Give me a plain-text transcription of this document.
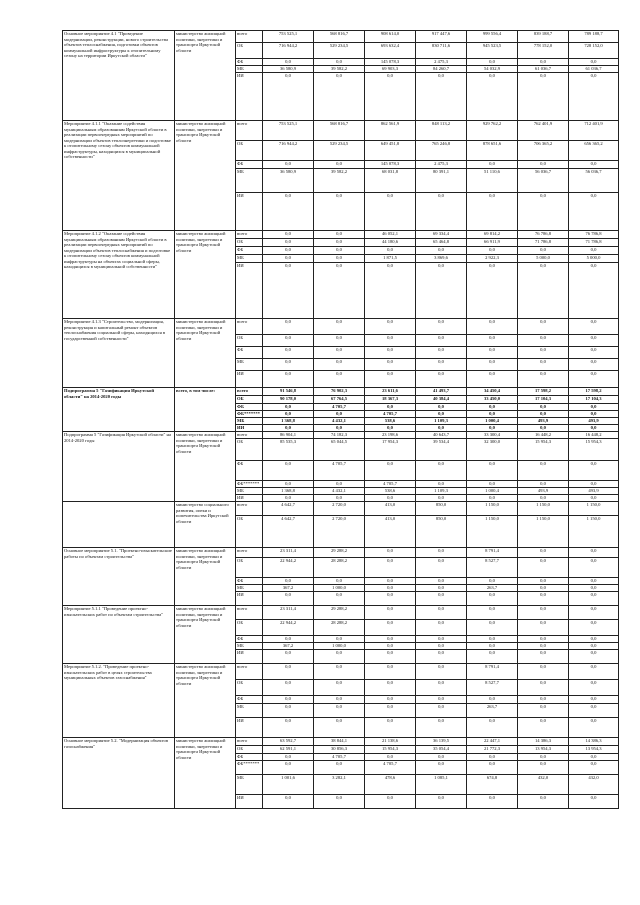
Основное мероприятие 4.1 "Проведение модернизации, реконструкции, нового строительства объектов теплоснабжения, подготовки объектов коммунальной инфраструктуры к отопительному сезону на территории Иркутской области"	министерство жилищной политики, энергетики и транспорта Иркутской области	всего	753 525,1	568 816,7	908 614,0	917 447,6	999 556,4	839 188,7	789 188,7
		ОБ	716 944,2	529 234,5	693 632,4	830 711,6	945 523,5	778 152,0	728 152,0
		ФБ	0,0	0,0	145 078,3	2 475,3	0,0	0,0	0,0
		МБ	36 580,9	39 582,2	69 903,3	84 260,7	54 032,9	61 036,7	61 036,7
		ИИ	0,0	0,0	0,0	0,0	0,0	0,0	0,0
Мероприятие 4.1.1 "Оказание содействия муниципальным образованиям Иркутской области в реализации первоочередных мероприятий по модернизации объектов теплоэнергетики и подготовке к отопительному сезону объектов коммунальной инфраструктуры, находящихся в муниципальной собственности"	министерство жилищной политики, энергетики и транспорта Иркутской области	всего	753 525,1	568 816,7	862 561,9	848 113,2	929 762,2	762 401,9	712 401,9
		ОБ	716 944,2	529 234,5	649 451,8	765 246,8	878 651,6	706 365,2	656 365,2
		ФБ	0,0	0,0	145 078,3	2 475,3	0,0	0,0	0,0
		МБ	36 580,9	39 582,2	68 031,8	80 391,1	51 110,6	56 036,7	56 036,7
		ИИ	0,0	0,0	0,0	0,0	0,0	0,0	0,0
Мероприятие 4.1.2 "Оказание содействия муниципальным образованиям Иркутской области в реализации первоочередных мероприятий по модернизации объектов теплоснабжения и подготовке к отопительному сезону объектов коммунальной инфраструктуры на объектах социальной сферы, находящихся в муниципальной собственности"	министерство жилищной политики, энергетики и транспорта Иркутской области	всего	0,0	0,0	46 052,1	69 334,4	69 814,2	76 786,8	76 786,8
		ОБ	0,0	0,0	44 180,6	65 464,8	66 911,9	71 786,8	71 786,8
		ФБ	0,0	0,0	0,0	0,0	0,0	0,0	0,0
		МБ	0,0	0,0	1 871,5	3 869,6	2 922,3	5 000,0	5 000,0
		ИИ	0,0	0,0	0,0	0,0	0,0	0,0	0,0
Мероприятие 4.1.3 "Строительство, модернизация, реконструкция и капитальный ремонт объектов теплоснабжения социальной сферы, находящихся в государственной собственности"	министерство жилищной политики, энергетики и транспорта Иркутской области	всего	0,0	0,0	0,0	0,0	0,0	0,0	0,0
		ОБ	0,0	0,0	0,0	0,0	0,0	0,0	0,0
		ФБ	0,0	0,0	0,0	0,0	0,0	0,0	0,0
		МБ	0,0	0,0	0,0	0,0	0,0	0,0	0,0
		ИИ	0,0	0,0	0,0	0,0	0,0	0,0	0,0
Подпрограмма 5 "Газификация Иркутской области" на 2014-2020 годы	всего, в том числе:	всего	91 546,8	76 902,3	23 611,6	41 493,7	34 450,4	17 598,2	17 598,2
		ОБ	90 178,0	67 764,5	18 367,3	40 384,4	33 450,0	17 104,3	17 104,3
		ФБ	0,0	4 705,7	0,0	0,0	0,0	0,0	0,0
		ФБ*******	0,0	0,0	4 705,7	0,0	0,0	0,0	0,0
		МБ	1 368,8	4 432,1	538,6	1 109,3	1 000,4	493,9	493,9
		ИИ	0,0	0,0	0,0	0,0	0,0	0,0	0,0
Подпрограмма 5 "Газификация Иркутской области" на 2014-2020 годы	министерство жилищной политики, энергетики и транспорта Иркутской области	всего	86 904,1	74 182,3	23 198,6	40 643,7	33 300,4	16 448,2	16 448,2
		ОБ	85 535,3	65 044,5	17 954,3	39 534,4	32 300,0	15 954,3	15 954,3
		ФБ	0,0	4 705,7	0,0	0,0	0,0	0,0	0,0
		ФБ*******	0,0	0,0	4 705,7	0,0	0,0	0,0	0,0
		МБ	1 368,8	4 432,1	538,6	1 109,3	1 000,4	493,9	493,9
		ИИ	0,0	0,0	0,0	0,0	0,0	0,0	0,0
	министерство социального развития, опеки и попечительства Иркутской области	всего	4 642,7	2 720,0	413,0	850,0	1 150,0	1 150,0	1 150,0
		ОБ	4 642,7	2 720,0	413,0	850,0	1 150,0	1 150,0	1 150,0
Основное мероприятие 5.1. "Проектно-изыскательские работы по объектам строительства"	министерство жилищной политики, энергетики и транспорта Иркутской области	всего	23 311,4	29 288,2	0,0	0,0	8 791,4	0,0	0,0
		ОБ	22 944,2	28 288,2	0,0	0,0	8 527,7	0,0	0,0
		ФБ	0,0	0,0	0,0	0,0	0,0	0,0	0,0
		МБ	367,2	1 000,0	0,0	0,0	263,7	0,0	0,0
		ИИ	0,0	0,0	0,0	0,0	0,0	0,0	0,0
Мероприятие 5.1.1 "Проведение проектно-изыскательских работ по объектам строительства"	министерство жилищной политики, энергетики и транспорта Иркутской области	всего	23 311,4	29 288,2	0,0	0,0	0,0	0,0	0,0
		ОБ	22 944,2	28 288,2	0,0	0,0	0,0	0,0	0,0
		ФБ	0,0	0,0	0,0	0,0	0,0	0,0	0,0
		МБ	367,2	1 000,0	0,0	0,0	0,0	0,0	0,0
		ИИ	0,0	0,0	0,0	0,0	0,0	0,0	0,0
Мероприятие 5.1.2. "Проведение проектно-изыскательских работ в целях строительства муниципальных объектов газоснабжения"	министерство жилищной политики, энергетики и транспорта Иркутской области	всего	0,0	0,0	0,0	0,0	8 791,4	0,0	0,0
		ОБ	0,0	0,0	0,0	0,0	8 527,7	0,0	0,0
		ФБ	0,0	0,0	0,0	0,0	0,0	0,0	0,0
		МБ	0,0	0,0	0,0	0,0	263,7	0,0	0,0
		ИИ	0,0	0,0	0,0	0,0	0,0	0,0	0,0
Основное мероприятие 5.2. "Модернизация объектов газоснабжения"	министерство жилищной политики, энергетики и транспорта Иркутской области	всего	63 592,7	38 844,1	21 138,6	36 139,5	22 447,1	14 386,3	14 386,3
		ОБ	62 591,1	30 856,3	15 954,3	35 054,4	21 772,3	13 954,3	13 954,3
		ФБ	0,0	4 705,7	0,0	0,0	0,0	0,0	0,0
		ФБ*******	0,0	0,0	4 705,7	0,0	0,0	0,0	0,0
		МБ	1 001,6	3 282,1	478,6	1 085,1	674,8	432,0	432,0
		ИИ	0,0	0,0	0,0	0,0	0,0	0,0	0,0
